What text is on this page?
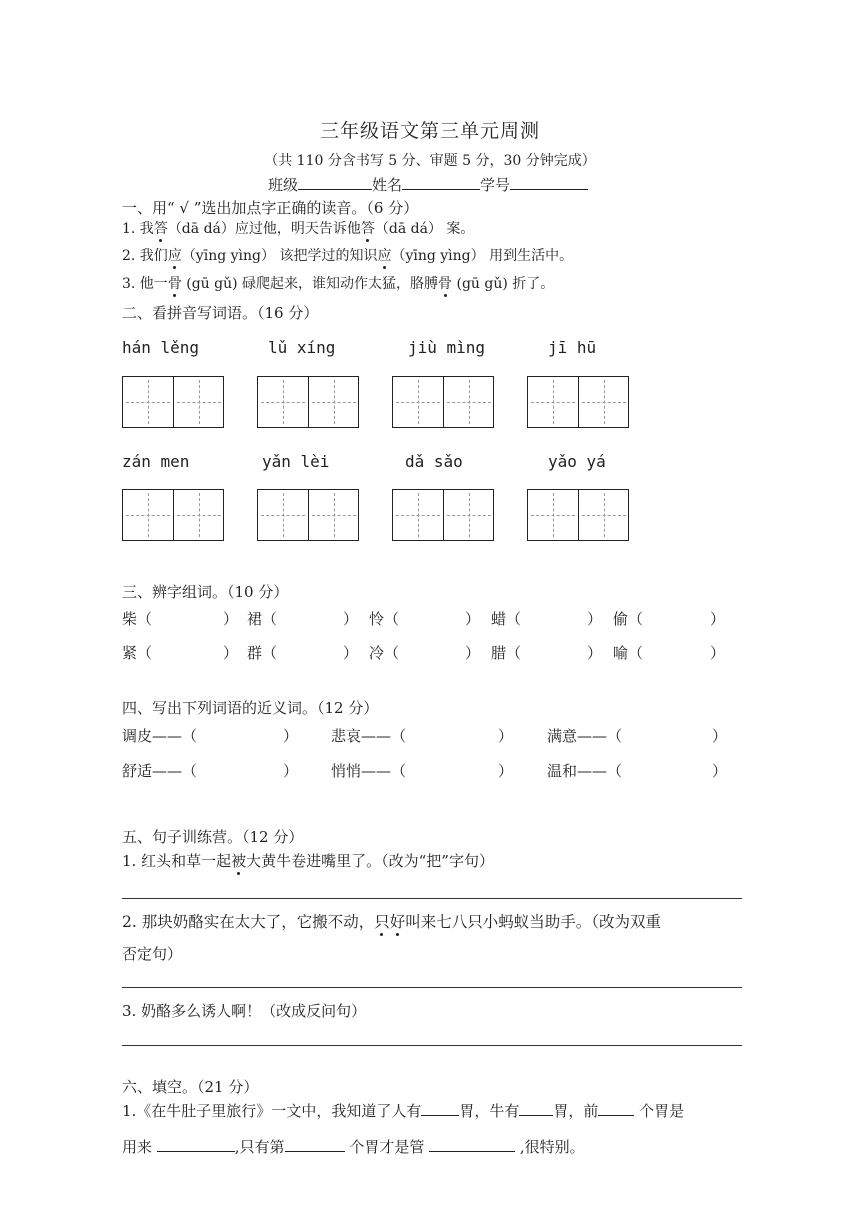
三年级语文第三单元周测
（共 110 分含书写 5 分、审题 5 分，30 分钟完成）
班级	姓名	学号
一、用“ √ ”选出加点字正确的读音。（6 分）
1. 我答（dā dá）应过他，明天告诉他答（dā dá） 案。
2. 我们应（yīng yìng） 该把学过的知识应（yīng yìng） 用到生活中。
3. 他一骨 (gū gǔ) 碌爬起来，谁知动作太猛，胳膊骨 (gū gǔ) 折了。
二、看拼音写词语。（16 分）
hán lěng	lǔ xíng	jiù mìng	jī hū
zán men	yǎn lèi	dǎ sǎo	yǎo yá
三、辨字组词。（10 分）
柴（	） 裙（	） 怜（	） 蜡（	） 偷（	）
紧（	） 群（	） 冷（	） 腊（	） 喻（	）
四、写出下列词语的近义词。（12 分）
调皮——（	） 悲哀——（	） 满意——（	）
舒适——（	） 悄悄——（	） 温和——（	）
五、句子训练营。（12 分）
1. 红头和草一起被大黄牛卷进嘴里了。（改为“把”字句）
2. 那块奶酪实在太大了，它搬不动，只好叫来七八只小蚂蚁当助手。（改为双重
否定句）
3. 奶酪多么诱人啊！（改成反问句）
六、填空。（21 分）
1.《在牛肚子里旅行》一文中，我知道了人有	胃，牛有 胃，前 个胃是
用来	,只有第	个胃才是管	,很特别。
